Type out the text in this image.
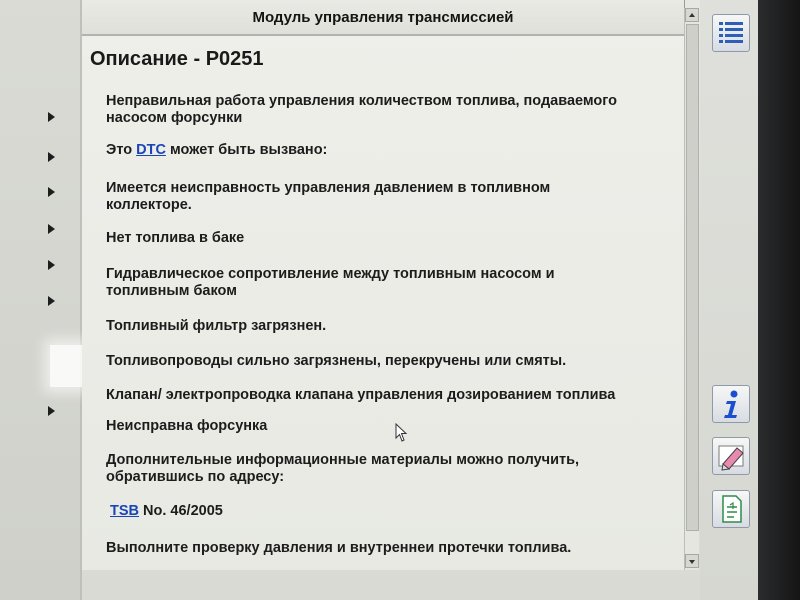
Модуль управления трансмиссией
Описание - P0251
Неправильная работа управления количеством топлива, подаваемого
насосом форсунки
Это DTC может быть вызвано:
Имеется неисправность управления давлением в топливном
коллекторе.
Нет топлива в баке
Гидравлическое сопротивление между топливным насосом и
топливным баком
Топливный фильтр загрязнен.
Топливопроводы сильно загрязнены, перекручены или смяты.
Клапан/ электропроводка клапана управления дозированием топлива
Неисправна форсунка
Дополнительные информационные материалы можно получить,
обратившись по адресу:
TSB No. 46/2005
Выполните проверку давления и внутреннеи протечки топлива.
